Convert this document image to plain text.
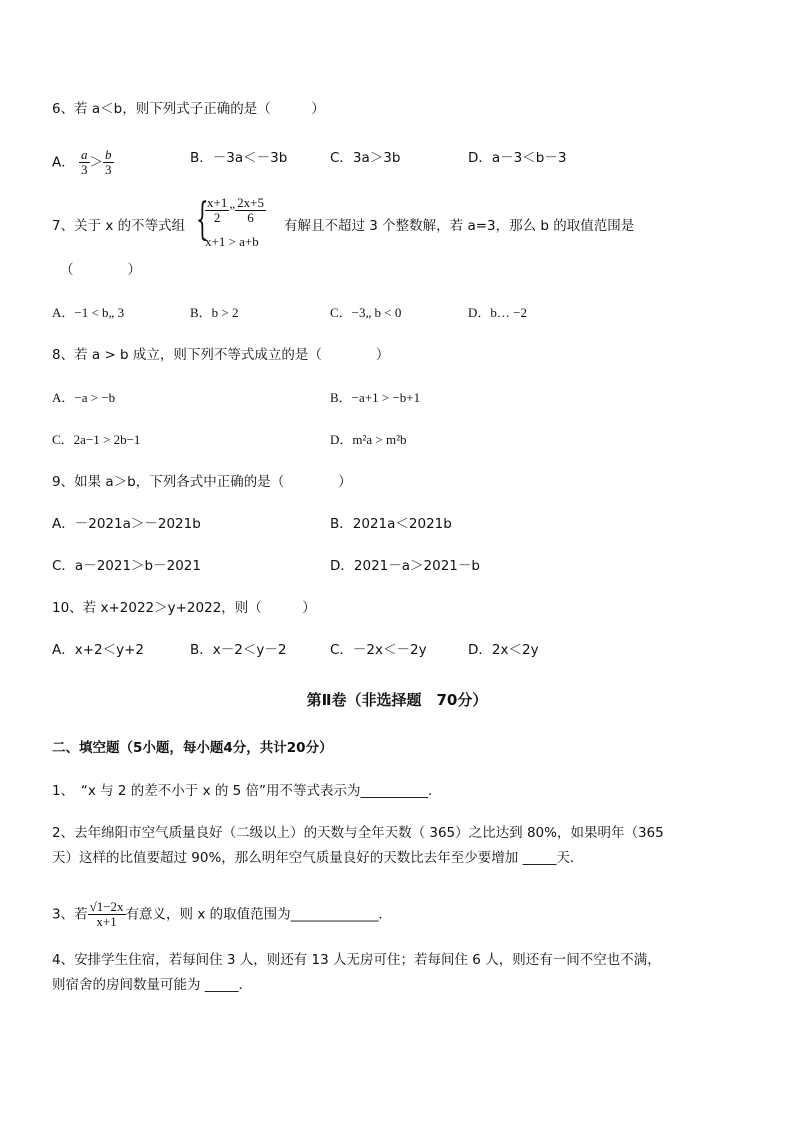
6、若 a＜b，则下列式子正确的是（　　　）
A． $\frac{a}{3} > \frac{b}{3}$	B．－3a＜－3b	C．3a＞3b	D．a－3＜b－3
7、关于 x 的不等式组 {
$\frac{x+1}{2}$ „ $\frac{2x+5}{6}$
x+1 > a+b
有解且不超过 3 个整数解，若 a=3，那么 b 的取值范围是
（　　　　）
A．−1 < b„ 3	B．b > 2	C．−3„ b < 0	D．b… −2
8、若 a > b 成立，则下列不等式成立的是（　　　　）
A．−a > −b	B．−a+1 > −b+1
C．2a−1 > 2b−1	D．m²a > m²b
9、如果 a＞b，下列各式中正确的是（　　　　）
A．－2021a＞－2021b	B．2021a＜2021b
C．a－2021＞b－2021	D．2021－a＞2021－b
10、若 x+2022＞y+2022，则（　　　）
A．x+2＜y+2	B．x－2＜y－2	C．－2x＜－2y	D．2x＜2y
第Ⅱ卷（非选择题　70分）
二、填空题（5小题，每小题4分，共计20分）
1、　“x 与 2 的差不小于 x 的 5 倍”用不等式表示为__________．
2、去年绵阳市空气质量良好（二级以上）的天数与全年天数（ 365）之比达到 80%，如果明年（365
天）这样的比值要超过 90%，那么明年空气质量良好的天数比去年至少要增加 _____天．
3、若 $\frac{√1-2x}{x+1}$ 有意义，则 x 的取值范围为_____________．
4、安排学生住宿，若每间住 3 人，则还有 13 人无房可住；若每间住 6 人，则还有一间不空也不满，
则宿舍的房间数量可能为 _____．
